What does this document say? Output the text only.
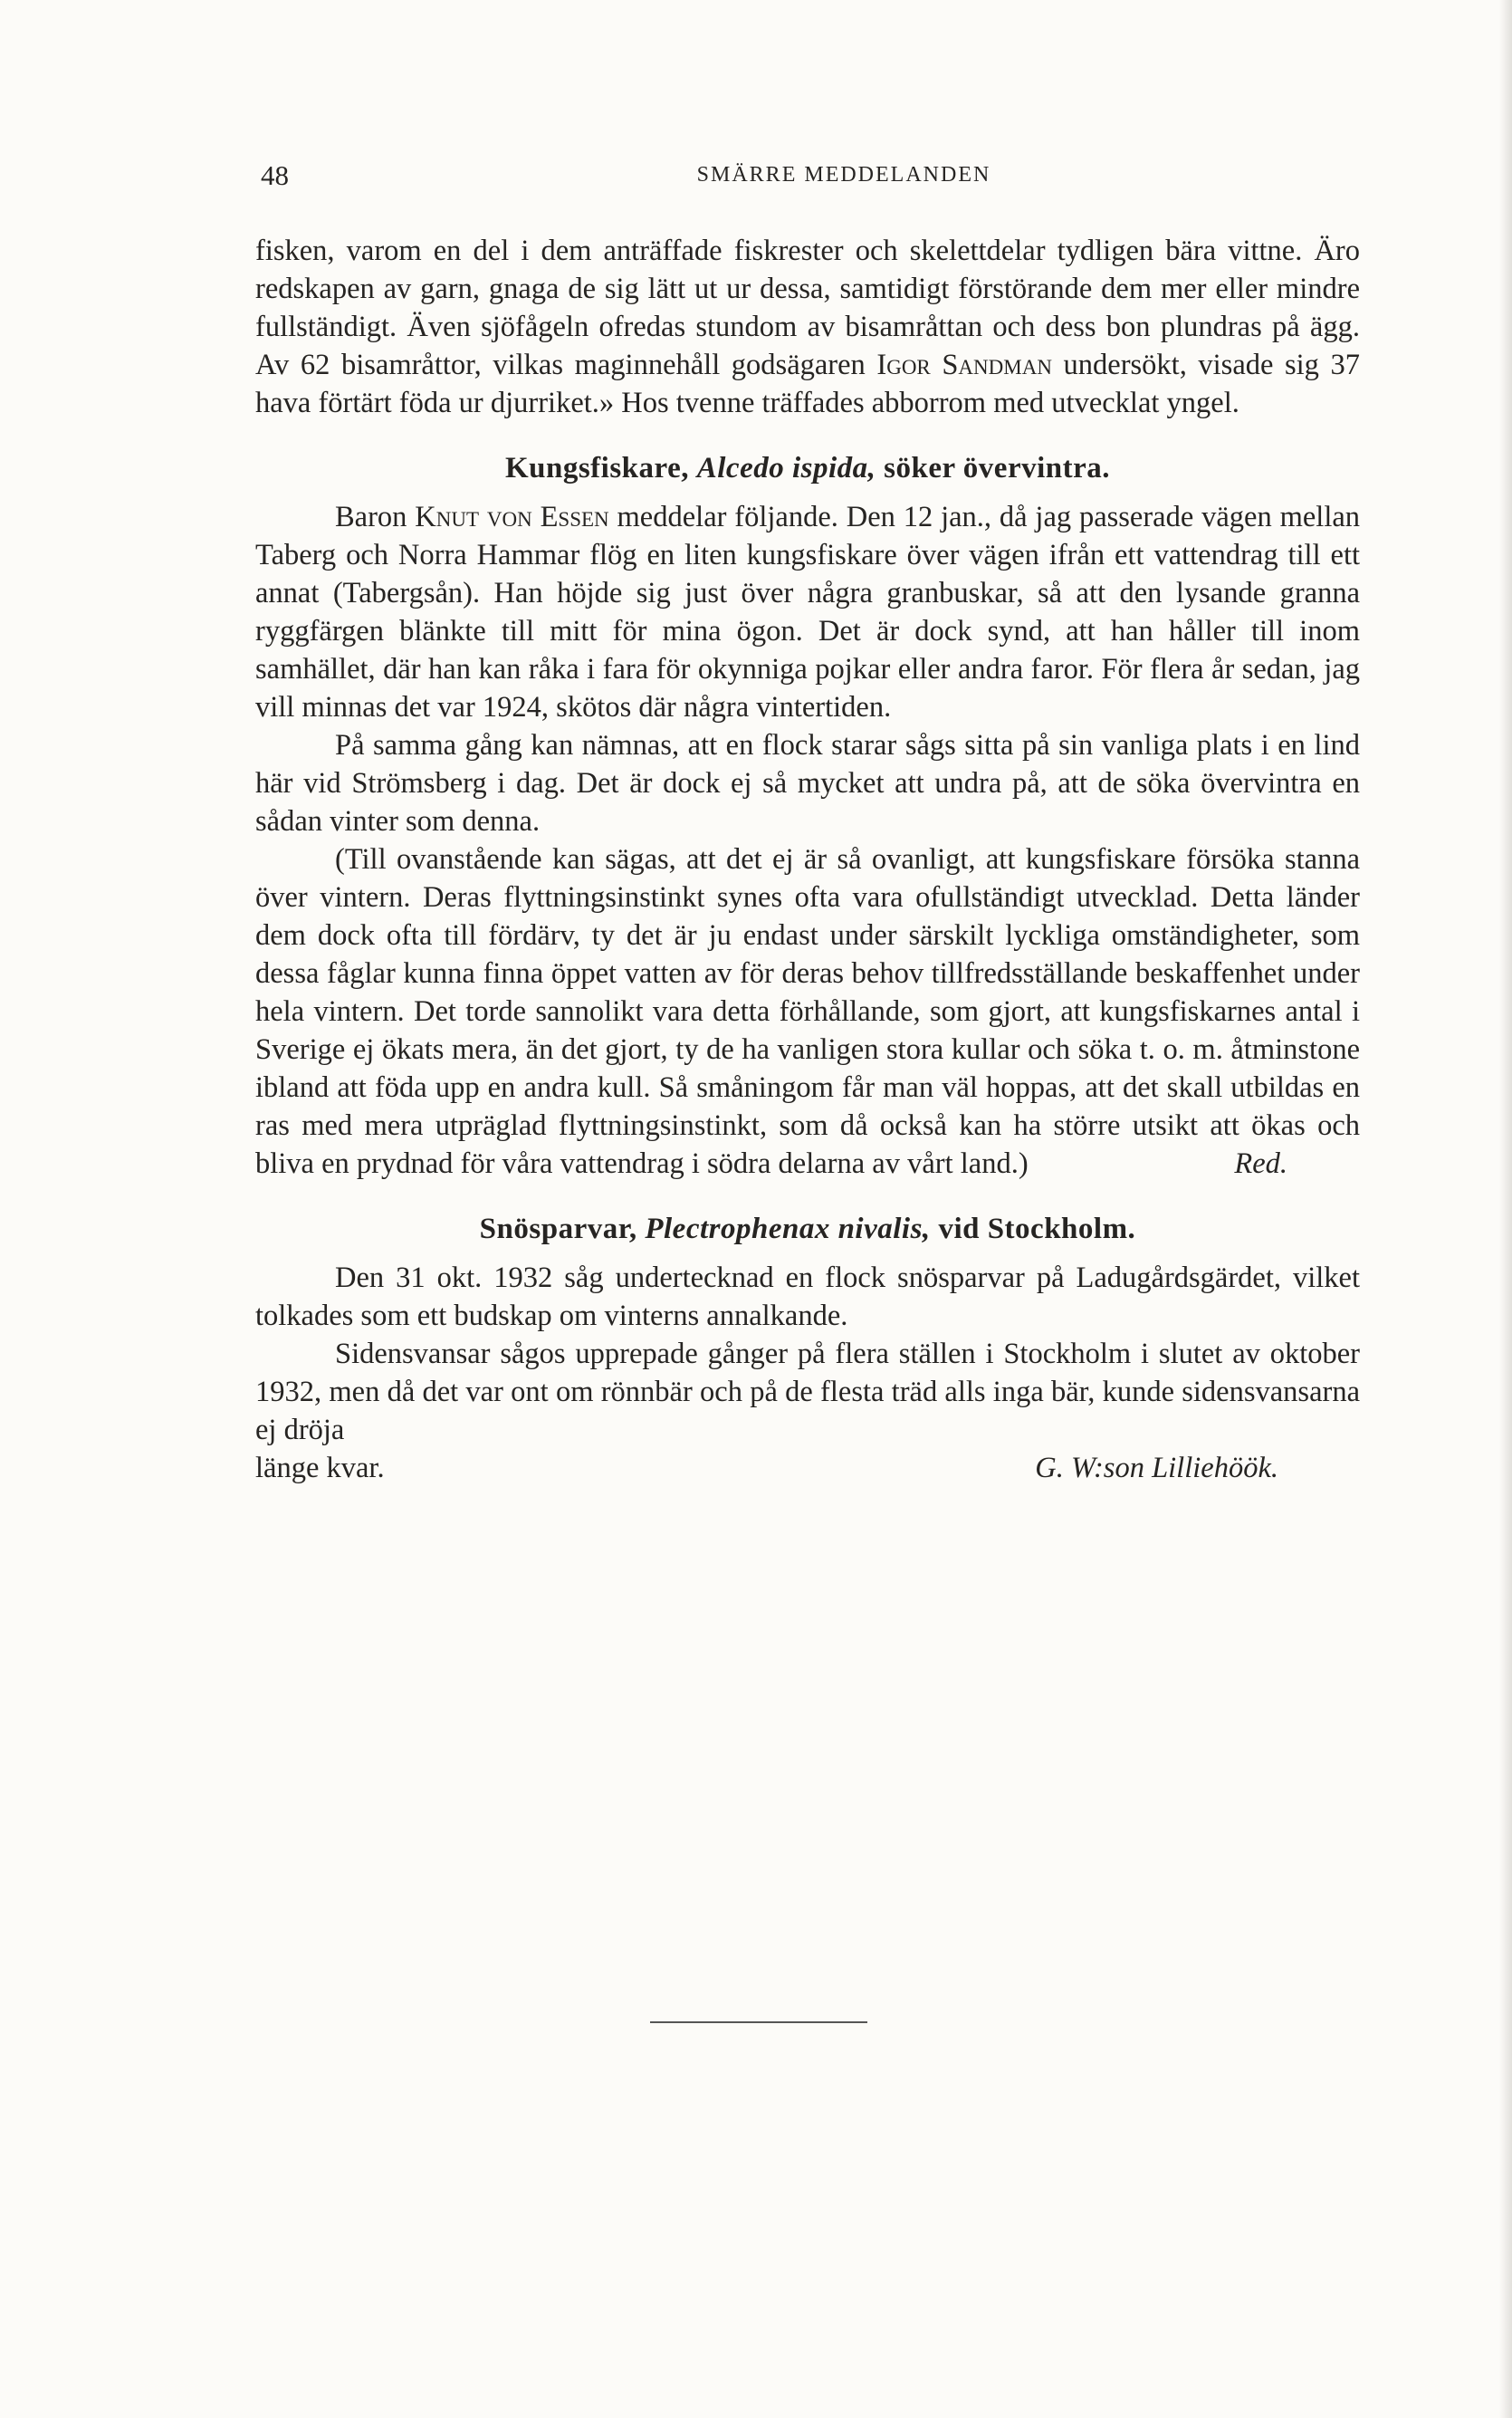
48	SMÄRRE MEDDELANDEN

fisken, varom en del i dem anträffade fiskrester och skelettdelar tydligen bära vittne. Äro redskapen av garn, gnaga de sig lätt ut ur dessa, samtidigt förstörande dem mer eller mindre fullständigt. Även sjöfågeln ofredas stundom av bisamråttan och dess bon plundras på ägg. Av 62 bisamråttor, vilkas maginnehåll godsägaren Igor Sandman undersökt, visade sig 37 hava förtärt föda ur djurriket.» Hos tvenne träffades abborrom med utvecklat yngel.

Kungsfiskare, Alcedo ispida, söker övervintra.

Baron Knut von Essen meddelar följande. Den 12 jan., då jag passerade vägen mellan Taberg och Norra Hammar flög en liten kungsfiskare över vägen ifrån ett vattendrag till ett annat (Tabergsån). Han höjde sig just över några granbuskar, så att den lysande granna ryggfärgen blänkte till mitt för mina ögon. Det är dock synd, att han håller till inom samhället, där han kan råka i fara för okynniga pojkar eller andra faror. För flera år sedan, jag vill minnas det var 1924, skötos där några vintertiden.

På samma gång kan nämnas, att en flock starar sågs sitta på sin vanliga plats i en lind här vid Strömsberg i dag. Det är dock ej så mycket att undra på, att de söka övervintra en sådan vinter som denna.

(Till ovanstående kan sägas, att det ej är så ovanligt, att kungsfiskare försöka stanna över vintern. Deras flyttningsinstinkt synes ofta vara ofullständigt utvecklad. Detta länder dem dock ofta till fördärv, ty det är ju endast under särskilt lyckliga omständigheter, som dessa fåglar kunna finna öppet vatten av för deras behov tillfredsställande beskaffenhet under hela vintern. Det torde sannolikt vara detta förhållande, som gjort, att kungsfiskarnes antal i Sverige ej ökats mera, än det gjort, ty de ha vanligen stora kullar och söka t. o. m. åtminstone ibland att föda upp en andra kull. Så småningom får man väl hoppas, att det skall utbildas en ras med mera utpräglad flyttningsinstinkt, som då också kan ha större utsikt att ökas och bliva en prydnad för våra vattendrag i södra delarna av vårt land.)	Red.

Snösparvar, Plectrophenax nivalis, vid Stockholm.

Den 31 okt. 1932 såg undertecknad en flock snösparvar på Ladugårdsgärdet, vilket tolkades som ett budskap om vinterns annalkande.

Sidensvansar sågos upprepade gånger på flera ställen i Stockholm i slutet av oktober 1932, men då det var ont om rönnbär och på de flesta träd alls inga bär, kunde sidensvansarna ej dröja

länge kvar.	G. W:son Lilliehöök.
